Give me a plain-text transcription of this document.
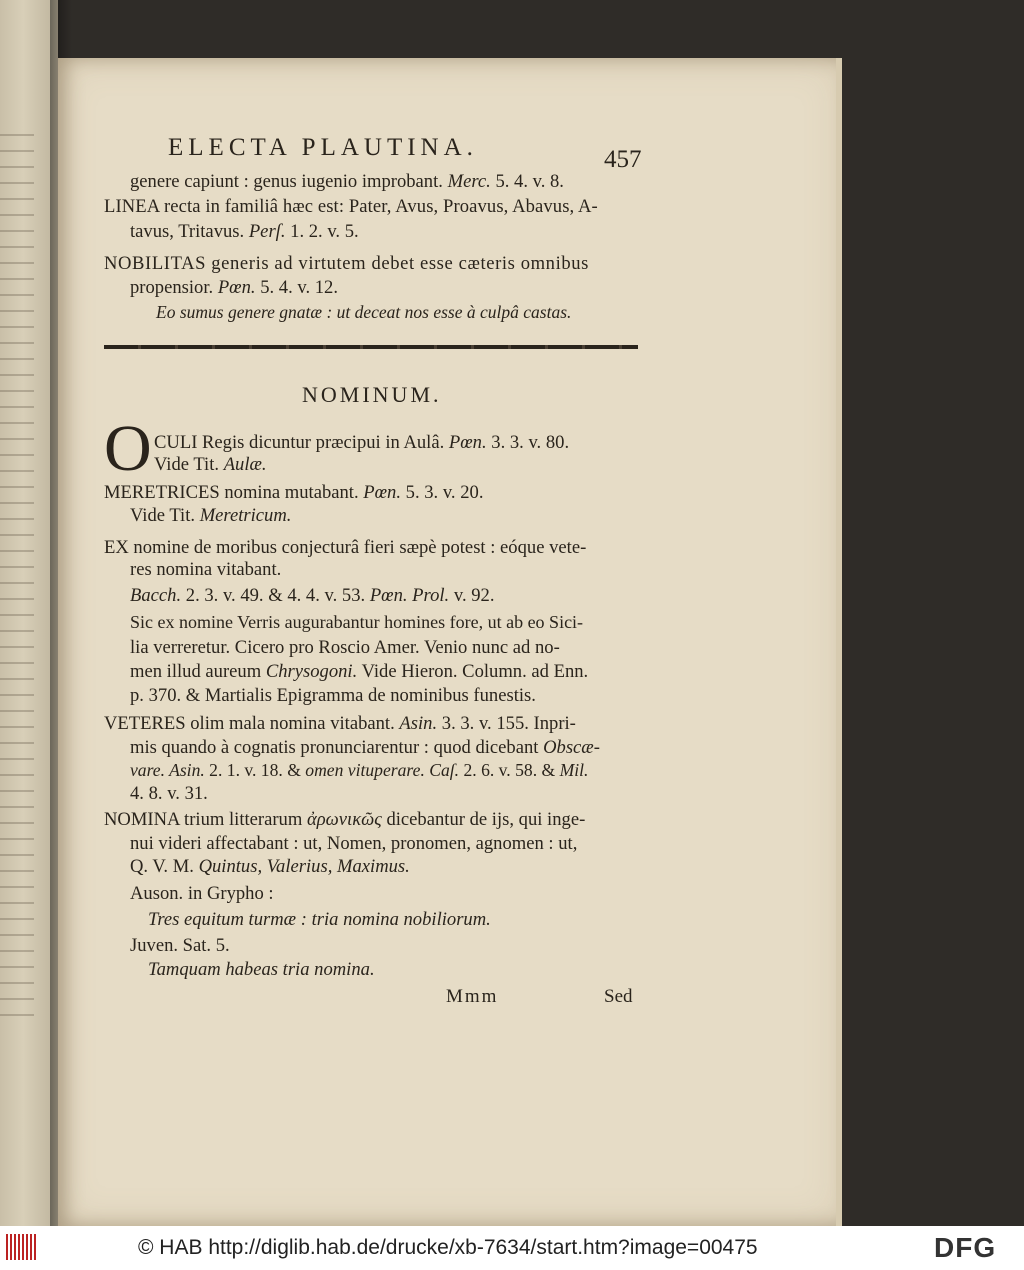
ELECTA PLAUTINA.	457
genere capiunt : genus iugenio improbant. Merc. 5. 4. v. 8.
LINEA recta in familiâ hæc est: Pater, Avus, Proavus, Abavus, A-
tavus, Tritavus. Perſ. 1. 2. v. 5.
NOBILITAS generis ad virtutem debet esse cæteris omnibus
propensior. Pœn. 5. 4. v. 12.
Eo sumus genere gnatæ : ut deceat nos esse à culpâ castas.
NOMINUM.
O CULI Regis dicuntur præcipui in Aulâ. Pœn. 3. 3. v. 80.
Vide Tit. Aulæ.
MERETRICES nomina mutabant. Pœn. 5. 3. v. 20.
Vide Tit. Meretricum.
EX nomine de moribus conjecturâ fieri sæpè potest : eóque vete-
res nomina vitabant.
Bacch. 2. 3. v. 49. & 4. 4. v. 53. Pœn. Prol. v. 92.
Sic ex nomine Verris augurabantur homines fore, ut ab eo Sici-
lia verreretur. Cicero pro Roscio Amer. Venio nunc ad no-
men illud aureum Chrysogoni. Vide Hieron. Column. ad Enn.
p. 370. & Martialis Epigramma de nominibus funestis.
VETERES olim mala nomina vitabant. Asin. 3. 3. v. 155. Inpri-
mis quando à cognatis pronunciarentur : quod dicebant Obscæ-
vare. Asin. 2. 1. v. 18. & omen vituperare. Caſ. 2. 6. v. 58. & Mil.
4. 8. v. 31.
NOMINA trium litterarum ἀρωνικῶς dicebantur de ijs, qui inge-
nui videri affectabant : ut, Nomen, pronomen, agnomen : ut,
Q. V. M. Quintus, Valerius, Maximus.
Auson. in Grypho :
Tres equitum turmæ : tria nomina nobiliorum.
Juven. Sat. 5.
Tamquam habeas tria nomina.
Mmm	Sed
© HAB http://diglib.hab.de/drucke/xb-7634/start.htm?image=00475	DFG
